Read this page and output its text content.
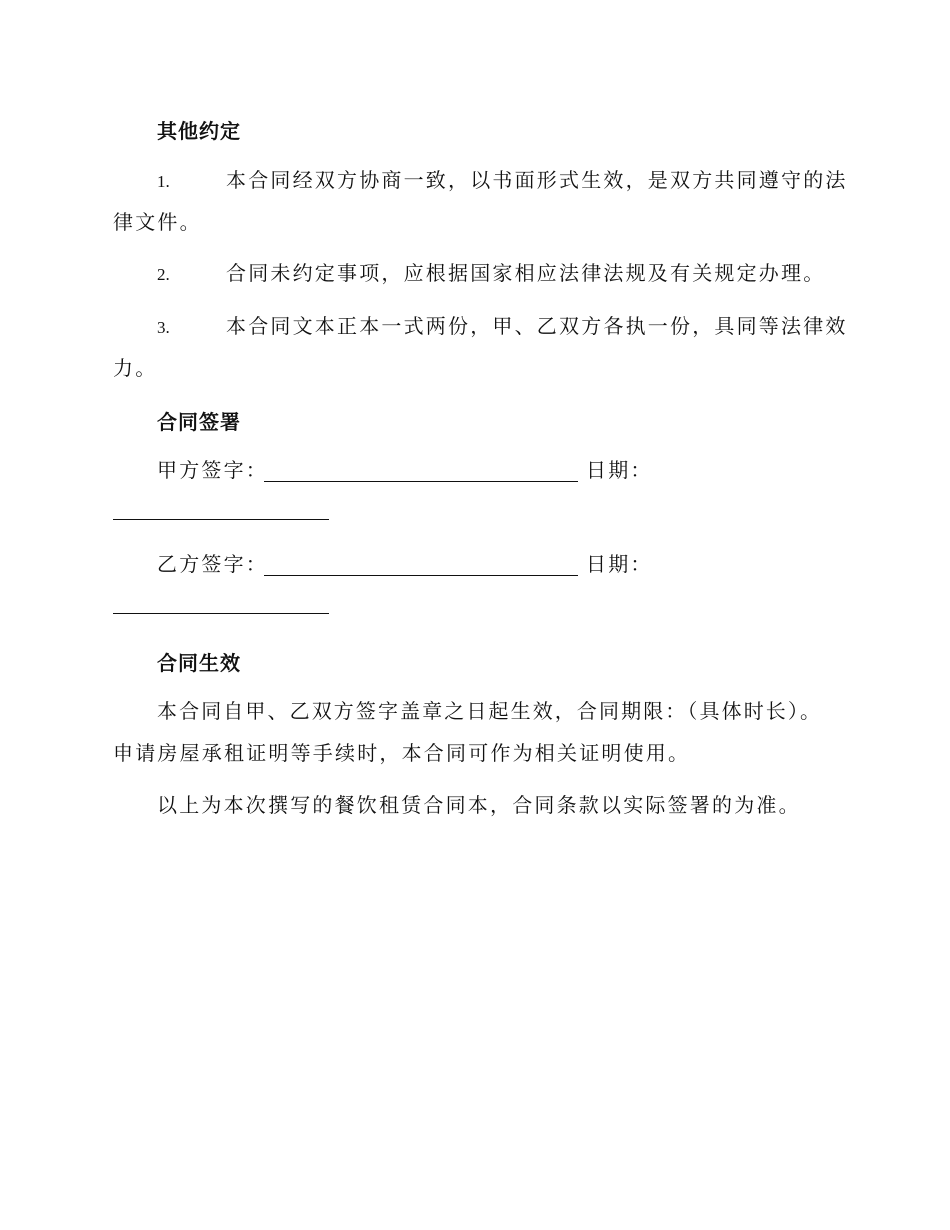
其他约定
1.	本合同经双方协商一致，以书面形式生效，是双方共同遵守的法
律文件。
2.	合同未约定事项，应根据国家相应法律法规及有关规定办理。
3.	本合同文本正本一式两份，甲、乙双方各执一份，具同等法律效
力。
合同签署
甲方签字：	日期：
乙方签字：	日期：
合同生效
本合同自甲、乙双方签字盖章之日起生效，合同期限：（具体时长）。
申请房屋承租证明等手续时，本合同可作为相关证明使用。
以上为本次撰写的餐饮租赁合同本，合同条款以实际签署的为准。
